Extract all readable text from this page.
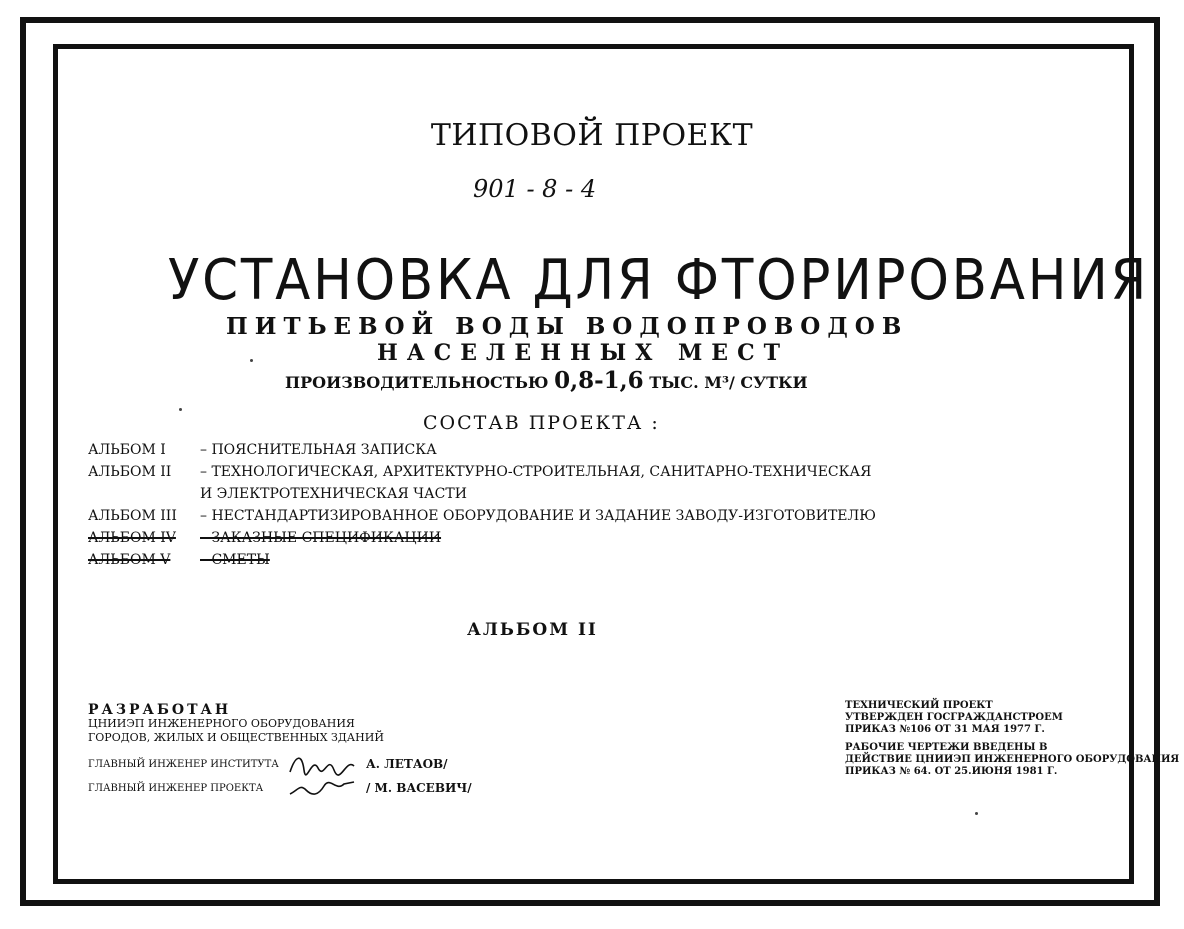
ТИПОВОЙ ПРОЕКТ
901 - 8 - 4
УСТАНОВКА ДЛЯ ФТОРИРОВАНИЯ
ПИТЬЕВОЙ ВОДЫ ВОДОПРОВОДОВ
НАСЕЛЕННЫХ МЕСТ
ПРОИЗВОДИТЕЛЬНОСТЬЮ 0,8-1,6 ТЫС. М³/ СУТКИ
СОСТАВ ПРОЕКТА :
АЛЬБОМ I	– ПОЯСНИТЕЛЬНАЯ ЗАПИСКА
АЛЬБОМ II	– ТЕХНОЛОГИЧЕСКАЯ, АРХИТЕКТУРНО-СТРОИТЕЛЬНАЯ, САНИТАРНО-ТЕХНИЧЕСКАЯ
И ЭЛЕКТРОТЕХНИЧЕСКАЯ ЧАСТИ
АЛЬБОМ III	– НЕСТАНДАРТИЗИРОВАННОЕ ОБОРУДОВАНИЕ И ЗАДАНИЕ ЗАВОДУ-ИЗГОТОВИТЕЛЮ
АЛЬБОМ IV	– ЗАКАЗНЫЕ СПЕЦИФИКАЦИИ
АЛЬБОМ V	– СМЕТЫ
АЛЬБОМ II
РАЗРАБОТАН
ЦНИИЭП ИНЖЕНЕРНОГО ОБОРУДОВАНИЯ
ГОРОДОВ, ЖИЛЫХ И ОБЩЕСТВЕННЫХ ЗДАНИЙ
ГЛАВНЫЙ ИНЖЕНЕР ИНСТИТУТА	А. ЛЕТАОВ/
ГЛАВНЫЙ ИНЖЕНЕР ПРОЕКТА	/ М. ВАСЕВИЧ/
ТЕХНИЧЕСКИЙ ПРОЕКТ
УТВЕРЖДЕН ГОСГРАЖДАНСТРОЕМ
ПРИКАЗ №106 ОТ 31 МАЯ 1977 Г.
РАБОЧИЕ ЧЕРТЕЖИ ВВЕДЕНЫ В
ДЕЙСТВИЕ ЦНИИЭП ИНЖЕНЕРНОГО ОБОРУДОВАНИЯ
ПРИКАЗ № 64. ОТ 25.ИЮНЯ 1981 Г.
